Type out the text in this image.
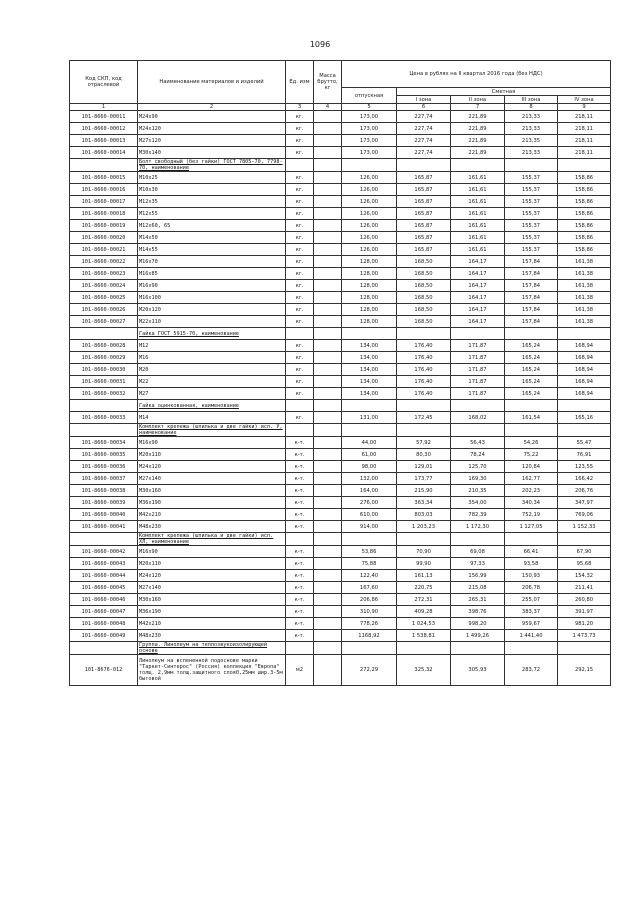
1096
Код СКП, код отраслевой	Наименование материалов и изделий	Ед. изм	Масса брутто, кг	Цена в рублях на II квартал 2016 года (без НДС)				
				отпускная	Сметная			
					I зона	II зона	III зона	IV зона
1	2	3	4	5	6	7	8	9
101-8660-00011	M24x90	кг.		173,00	227,74	221,89	213,33	218,11
101-8660-00012	M24x120	кг.		173,00	227,74	221,89	213,33	218,11
101-8660-00013	M27x120	кг.		173,00	227,74	221,89	213,35	218,11
101-8660-00014	M30x140	кг.		173,00	227,74	221,89	213,33	218,11
	Болт свободный (без гайки) ГОСТ 7805-70, 7798-70, наименование							
101-8660-00015	M10x25	кг.		126,00	165,87	161,61	155,37	158,86
101-8660-00016	M10x30	кг.		126,00	165,87	161,61	155,37	158,86
101-8660-00017	M12x35	кг.		126,00	165,87	161,61	155,37	158,86
101-8660-00018	M12x55	кг.		126,00	165,87	161,61	155,37	158,86
101-8660-00019	M12x60, 65	кг.		126,00	165,87	161,61	155,37	158,86
101-8660-00020	M14x50	кг.		126,00	165,87	161,61	155,37	158,86
101-8660-00021	M14x55	кг.		126,00	165,87	161,61	155,37	158,86
101-8660-00022	M16x70	кг.		128,00	168,50	164,17	157,84	161,38
101-8660-00023	M16x85	кг.		128,00	168,50	164,17	157,84	161,38
101-8660-00024	M16x90	кг.		128,00	168,50	164,17	157,84	161,38
101-8660-00025	M16x100	кг.		128,00	168,50	164,17	157,84	161,38
101-8660-00026	M20x120	кг.		128,00	168,50	164,17	157,84	161,38
101-8660-00027	M22x110	кг.		128,00	168,50	164,17	157,84	161,38
	Гайка ГОСТ 5915-70, наименование							
101-8660-00028	M12	кг.		134,00	176,40	171,87	165,24	168,94
101-8660-00029	M16	кг.		134,00	176,40	171,87	165,24	168,94
101-8660-00030	M20	кг.		134,00	176,40	171,87	165,24	168,94
101-8660-00031	M22	кг.		134,00	176,40	171,87	165,24	168,94
101-8660-00032	M27	кг.		134,00	176,40	171,87	165,24	168,94
	Гайка оцинкованная, наименование							
101-8660-00033	M14	кг.		131,00	172,45	168,02	161,54	165,16
	Комплект крепежа (шпилька и две гайки) исп. У, наименование							
101-8660-00034	M16x90	к-т.		44,00	57,92	56,43	54,26	55,47
101-8660-00035	M20x110	к-т.		61,00	80,30	78,24	75,22	76,91
101-8660-00036	M24x120	к-т.		98,00	129,01	125,70	120,84	123,55
101-8660-00037	M27x140	к-т.		132,00	173,77	169,30	162,77	166,42
101-8660-00038	M30x160	к-т.		164,00	215,90	210,35	202,23	206,76
101-8660-00039	M36x190	к-т.		276,00	363,34	354,00	340,34	347,97
101-8660-00040	M42x210	к-т.		610,00	803,03	782,39	752,19	769,06
101-8660-00041	M48x230	к-т.		914,00	1 203,23	1 172,30	1 127,05	1 152,33
	Комплект крепежа (шпилька и две гайки) исп. ХЛ, наименование							
101-8660-00042	M16x90	к-т.		53,86	70,90	69,08	66,41	67,90
101-8660-00043	M20x110	к-т.		75,88	99,90	97,33	93,58	95,68
101-8660-00044	M24x120	к-т.		122,40	161,13	156,99	150,93	154,32
101-8660-00045	M27x140	к-т.		167,60	220,75	215,08	206,78	211,41
101-8660-00046	M30x160	к-т.		206,86	272,31	265,31	255,07	260,80
101-8660-00047	M36x190	к-т.		310,90	409,28	398,76	383,37	391,97
101-8660-00048	M42x210	к-т.		778,26	1 024,53	998,20	959,67	981,20
101-8660-00049	M48x230	к-т.		1168,92	1 538,81	1 499,26	1 441,40	1 473,73
	Группа. Линолеум на теплозвукоизолирующей основе							
101-8676-012	Линолеум на вспененной подоснове марки "Таркет-Синтерос" (Россия) коллекция "Европа" толщ. 2,9мм толщ.защитного слоя0,25мм шир.3-5м бытовой	м2		272,29	325,32	305,93	283,72	292,15
